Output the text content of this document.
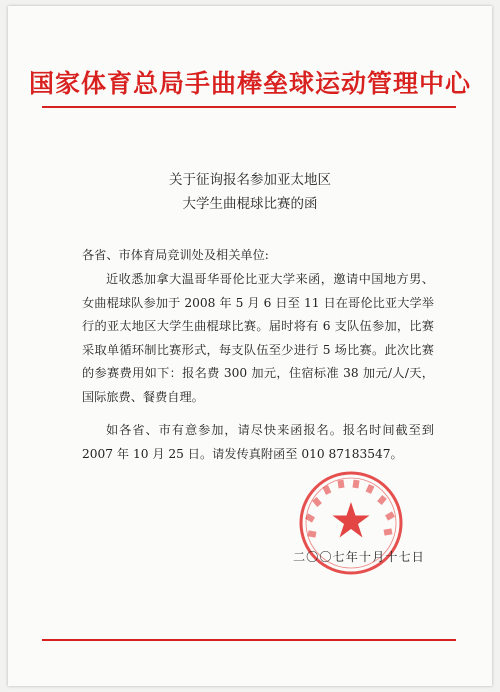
国家体育总局手曲棒垒球运动管理中心
关于征询报名参加亚太地区
大学生曲棍球比赛的函
各省、市体育局竞训处及相关单位:
近收悉加拿大温哥华哥伦比亚大学来函，邀请中国地方男、女曲棍球队参加于 2008 年 5 月 6 日至 11 日在哥伦比亚大学举行的亚太地区大学生曲棍球比赛。届时将有 6 支队伍参加，比赛采取单循环制比赛形式，每支队伍至少进行 5 场比赛。此次比赛的参赛费用如下：报名费 300 加元，住宿标准 38 加元/人/天，国际旅费、餐费自理。
如各省、市有意参加，请尽快来函报名。报名时间截至到 2007 年 10 月 25 日。请发传真附函至 010 87183547。
二〇〇七年十月十七日
